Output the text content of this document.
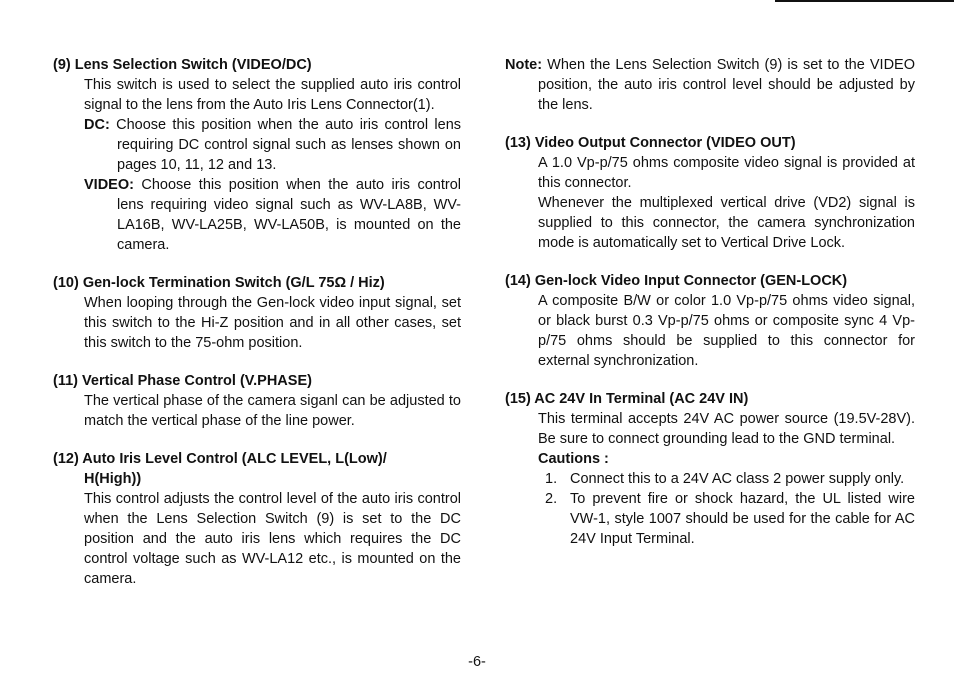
(9) Lens Selection Switch (VIDEO/DC)
This switch is used to select the supplied auto iris control signal to the lens from the Auto Iris Lens Connector(1).
DC: Choose this position when the auto iris control lens requiring DC control signal such as lenses shown on pages 10, 11, 12 and 13.
VIDEO: Choose this position when the auto iris control lens requiring video signal such as WV-LA8B, WV-LA16B, WV-LA25B, WV-LA50B, is mounted on the camera.
(10) Gen-lock Termination Switch (G/L 75Ω / Hiz)
When looping through the Gen-lock video input signal, set this switch to the Hi-Z position and in all other cases, set this switch to the 75-ohm position.
(11) Vertical Phase Control (V.PHASE)
The vertical phase of the camera siganl can be adjusted to match the vertical phase of the line power.
(12) Auto Iris Level Control (ALC LEVEL, L(Low)/
H(High))
This control adjusts the control level of the auto iris control when the Lens Selection Switch (9) is set to the DC position and the auto iris lens which requires the DC control voltage such as WV-LA12 etc., is mounted on the camera.
Note: When the Lens Selection Switch (9) is set to the VIDEO position, the auto iris control level should be adjusted by the lens.
(13) Video Output Connector (VIDEO OUT)
A 1.0 Vp-p/75 ohms composite video signal is provided at this connector.
Whenever the multiplexed vertical drive (VD2) signal is supplied to this connector, the camera synchronization mode is automatically set to Vertical Drive Lock.
(14) Gen-lock Video Input Connector (GEN-LOCK)
A composite B/W or color 1.0 Vp-p/75 ohms video signal, or black burst 0.3 Vp-p/75 ohms or composite sync 4 Vp-p/75 ohms should be supplied to this connector for external synchronization.
(15) AC 24V In Terminal (AC 24V IN)
This terminal accepts 24V AC power source (19.5V-28V). Be sure to connect grounding lead to the GND terminal.
Cautions :
1. Connect this to a 24V AC class 2 power supply only.
2. To prevent fire or shock hazard, the UL listed wire VW-1, style 1007 should be used for the cable for AC 24V Input Terminal.
-6-
